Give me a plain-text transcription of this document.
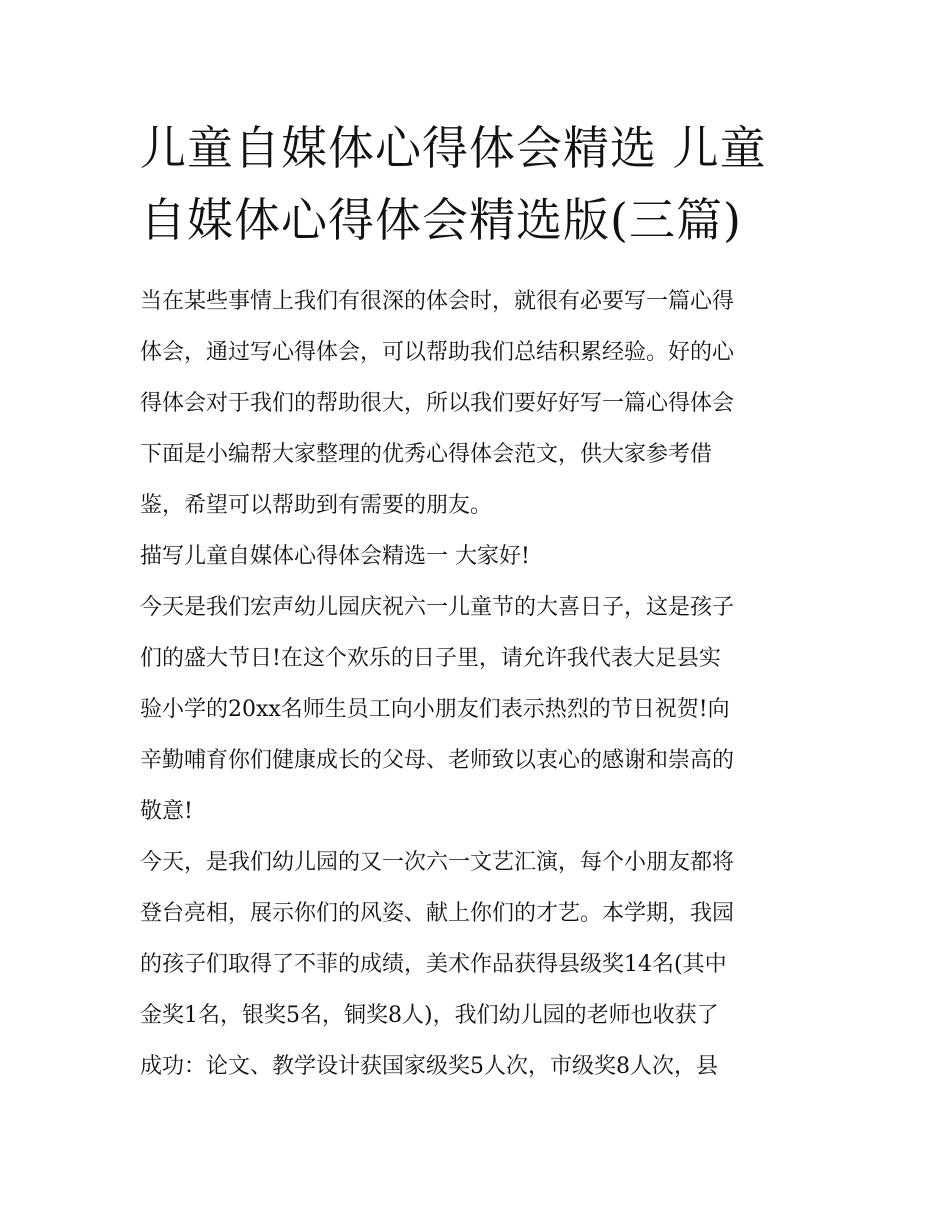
儿童自媒体心得体会精选 儿童
自媒体心得体会精选版(三篇)

当在某些事情上我们有很深的体会时，就很有必要写一篇心得

体会，通过写心得体会，可以帮助我们总结积累经验。好的心

得体会对于我们的帮助很大，所以我们要好好写一篇心得体会

下面是小编帮大家整理的优秀心得体会范文，供大家参考借

鉴，希望可以帮助到有需要的朋友。

描写儿童自媒体心得体会精选一 大家好!

今天是我们宏声幼儿园庆祝六一儿童节的大喜日子，这是孩子

们的盛大节日!在这个欢乐的日子里，请允许我代表大足县实

验小学的20xx名师生员工向小朋友们表示热烈的节日祝贺!向

辛勤哺育你们健康成长的父母、老师致以衷心的感谢和崇高的

敬意!

今天，是我们幼儿园的又一次六一文艺汇演，每个小朋友都将

登台亮相，展示你们的风姿、献上你们的才艺。本学期，我园

的孩子们取得了不菲的成绩，美术作品获得县级奖14名(其中

金奖1名，银奖5名，铜奖8人)，我们幼儿园的老师也收获了

成功：论文、教学设计获国家级奖5人次，市级奖8人次，县
